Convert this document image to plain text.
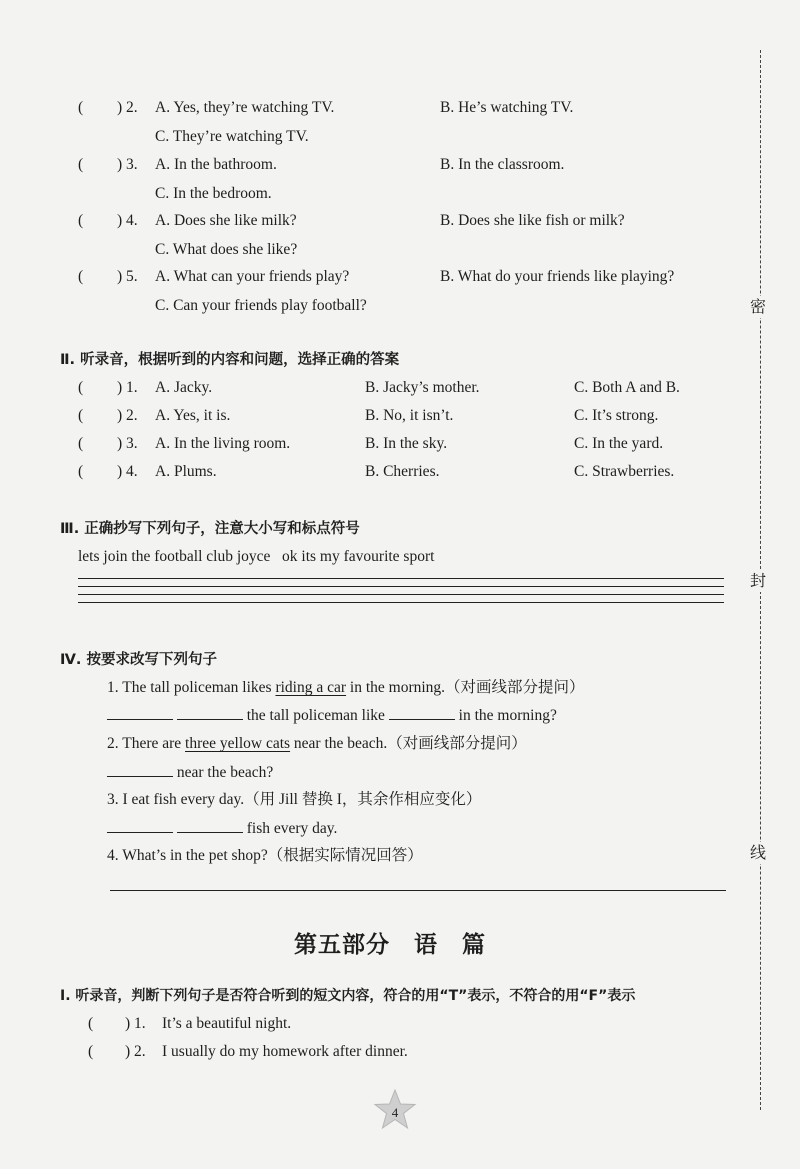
密
封
线
( ) 2. A. Yes, they’re watching TV.	B. He’s watching TV.
C. They’re watching TV.
( ) 3. A. In the bathroom.	B. In the classroom.
C. In the bedroom.
( ) 4. A. Does she like milk?	B. Does she like fish or milk?
C. What does she like?
( ) 5. A. What can your friends play?	B. What do your friends like playing?
C. Can your friends play football?
Ⅱ. 听录音，根据听到的内容和问题，选择正确的答案
( ) 1. A. Jacky.	B. Jacky’s mother.	C. Both A and B.
( ) 2. A. Yes, it is.	B. No, it isn’t.	C. It’s strong.
( ) 3. A. In the living room.	B. In the sky.	C. In the yard.
( ) 4. A. Plums.	B. Cherries.	C. Strawberries.
Ⅲ. 正确抄写下列句子，注意大小写和标点符号
lets join the football club joyce   ok its my favourite sport
Ⅳ. 按要求改写下列句子
1. The tall policeman likes riding a car in the morning.（对画线部分提问）
the tall policeman like	in the morning?
2. There are three yellow cats near the beach.（对画线部分提问）
near the beach?
3. I eat fish every day.（用 Jill 替换 I，其余作相应变化）
fish every day.
4. What’s in the pet shop?（根据实际情况回答）
第五部分　语　篇
Ⅰ. 听录音，判断下列句子是否符合听到的短文内容，符合的用“T”表示，不符合的用“F”表示
( ) 1. It’s a beautiful night.
( ) 2. I usually do my homework after dinner.
4
